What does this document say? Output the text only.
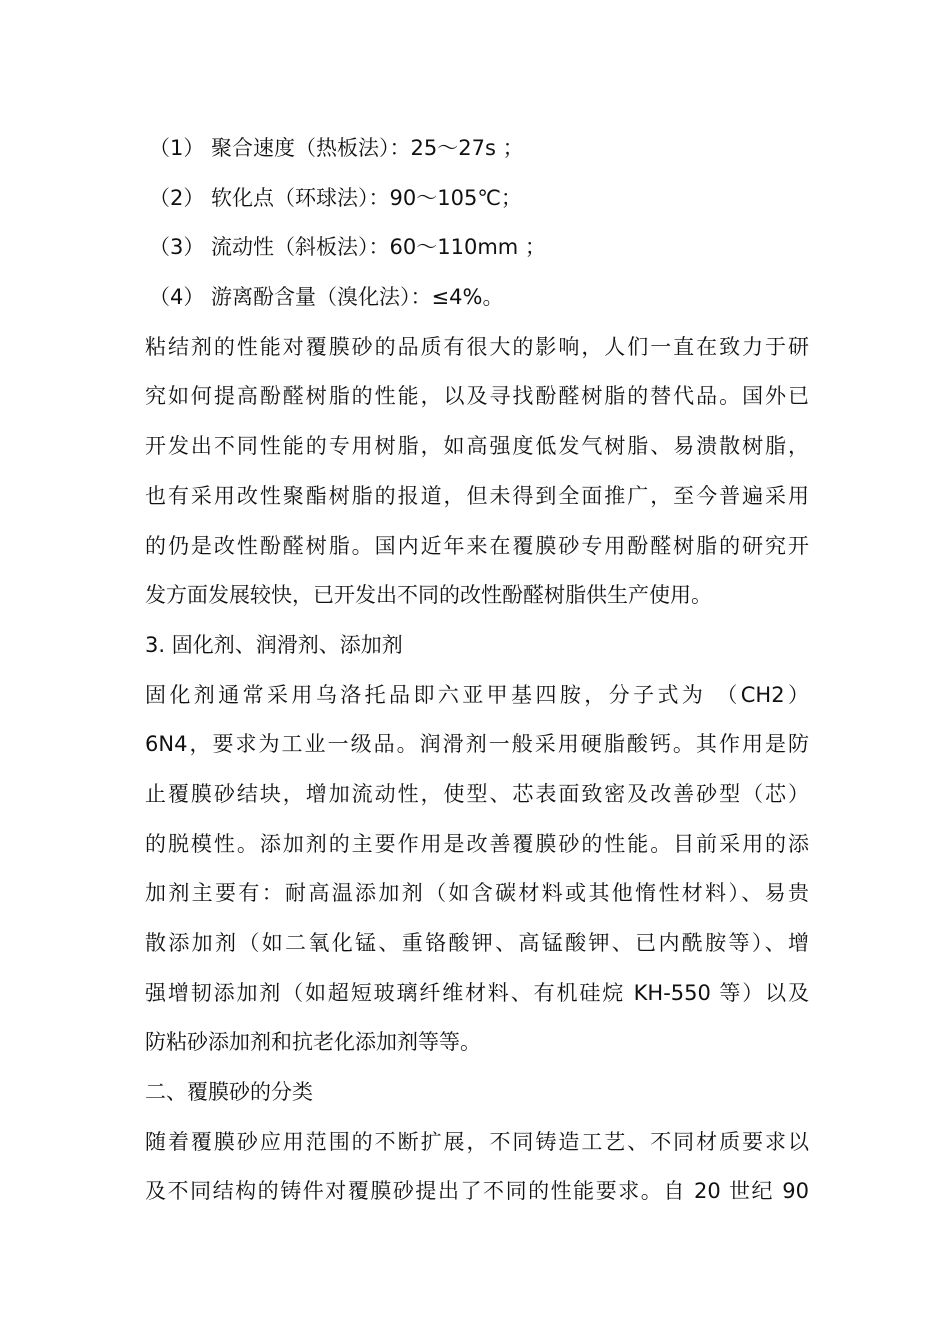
（1） 聚合速度（热板法）：25～27s ；
（2） 软化点（环球法）：90～105℃；
（3） 流动性（斜板法）：60～110mm ；
（4） 游离酚含量（溴化法）：≤4%。
粘结剂的性能对覆膜砂的品质有很大的影响，人们一直在致力于研
究如何提高酚醛树脂的性能，以及寻找酚醛树脂的替代品。国外已
开发出不同性能的专用树脂，如高强度低发气树脂、易溃散树脂，
也有采用改性聚酯树脂的报道，但未得到全面推广，至今普遍采用
的仍是改性酚醛树脂。国内近年来在覆膜砂专用酚醛树脂的研究开
发方面发展较快，已开发出不同的改性酚醛树脂供生产使用。
3. 固化剂、润滑剂、添加剂
固化剂通常采用乌洛托品即六亚甲基四胺，分子式为 （CH2）
6N4，要求为工业一级品。润滑剂一般采用硬脂酸钙。其作用是防
止覆膜砂结块，增加流动性，使型、芯表面致密及改善砂型（芯）
的脱模性。添加剂的主要作用是改善覆膜砂的性能。目前采用的添
加剂主要有：耐高温添加剂（如含碳材料或其他惰性材料）、易贵
散添加剂（如二氧化锰、重铬酸钾、高锰酸钾、已内酰胺等）、增
强增韧添加剂（如超短玻璃纤维材料、有机硅烷 KH-550 等）以及
防粘砂添加剂和抗老化添加剂等等。
二、覆膜砂的分类
随着覆膜砂应用范围的不断扩展，不同铸造工艺、不同材质要求以
及不同结构的铸件对覆膜砂提出了不同的性能要求。自 20 世纪 90
